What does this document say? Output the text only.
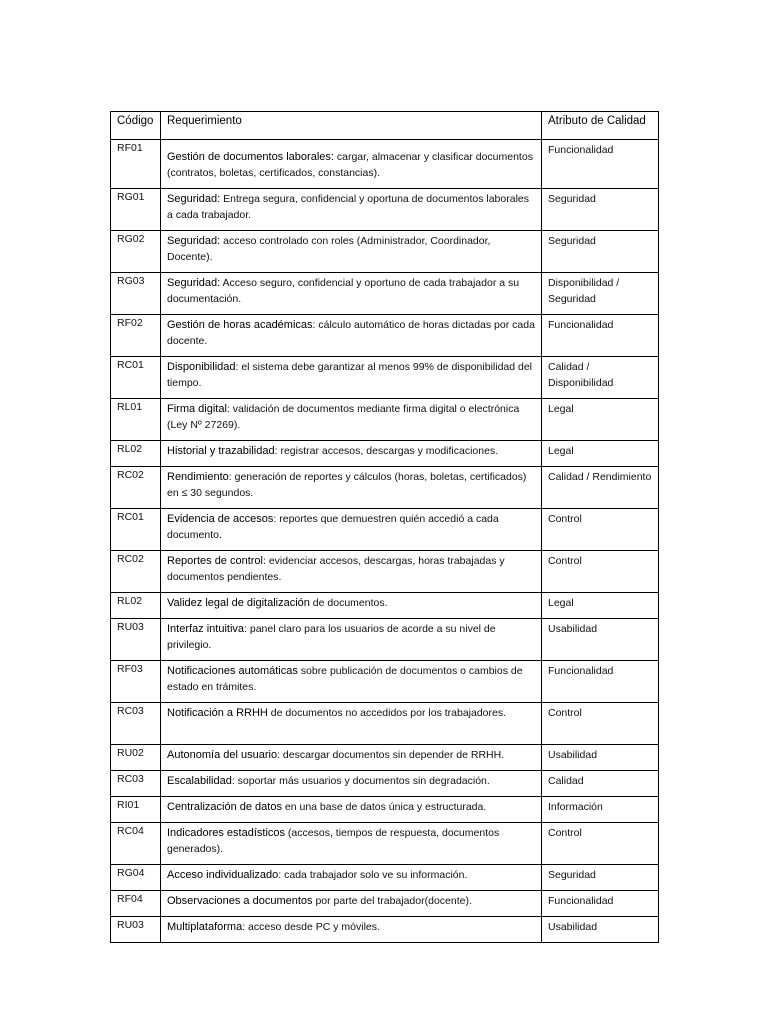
Código	Requerimiento	Atributo de Calidad
RF01	Gestión de documentos laborales: cargar, almacenar y clasificar documentos (contratos, boletas, certificados, constancias).	Funcionalidad
RG01	Seguridad: Entrega segura, confidencial y oportuna de documentos laborales a cada trabajador.	Seguridad
RG02	Seguridad: acceso controlado con roles (Administrador, Coordinador, Docente).	Seguridad
RG03	Seguridad: Acceso seguro, confidencial y oportuno de cada trabajador a su documentación.	Disponibilidad / Seguridad
RF02	Gestión de horas académicas: cálculo automático de horas dictadas por cada docente.	Funcionalidad
RC01	Disponibilidad: el sistema debe garantizar al menos 99% de disponibilidad del tiempo.	Calidad / Disponibilidad
RL01	Firma digital: validación de documentos mediante firma digital o electrónica (Ley Nº 27269).	Legal
RL02	Historial y trazabilidad: registrar accesos, descargas y modificaciones.	Legal
RC02	Rendimiento: generación de reportes y cálculos (horas, boletas, certificados) en ≤ 30 segundos.	Calidad / Rendimiento
RC01	Evidencia de accesos: reportes que demuestren quién accedió a cada documento.	Control
RC02	Reportes de control: evidenciar accesos, descargas, horas trabajadas y documentos pendientes.	Control
RL02	Validez legal de digitalización de documentos.	Legal
RU03	Interfaz intuitiva: panel claro para los usuarios de acorde a su nivel de privilegio.	Usabilidad
RF03	Notificaciones automáticas sobre publicación de documentos o cambios de estado en trámites.	Funcionalidad
RC03	Notificación a RRHH de documentos no accedidos por los trabajadores.	Control
RU02	Autonomía del usuario: descargar documentos sin depender de RRHH.	Usabilidad
RC03	Escalabilidad: soportar más usuarios y documentos sin degradación.	Calidad
RI01	Centralización de datos en una base de datos única y estructurada.	Información
RC04	Indicadores estadísticos (accesos, tiempos de respuesta, documentos generados).	Control
RG04	Acceso individualizado: cada trabajador solo ve su información.	Seguridad
RF04	Observaciones a documentos por parte del trabajador(docente).	Funcionalidad
RU03	Multiplataforma: acceso desde PC y móviles.	Usabilidad
